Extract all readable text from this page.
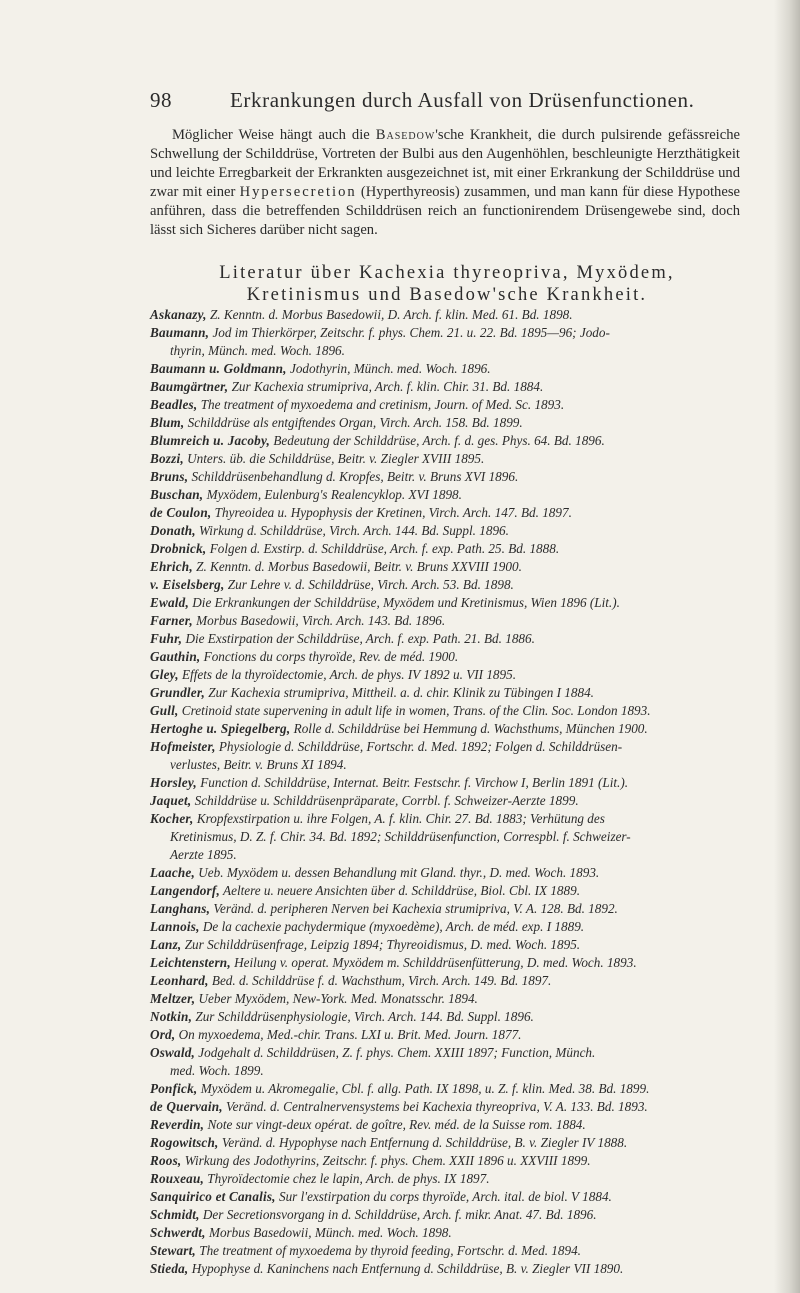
98	Erkrankungen durch Ausfall von Drüsenfunctionen.
Möglicher Weise hängt auch die Basedow'sche Krankheit, die durch pulsirende gefässreiche Schwellung der Schilddrüse, Vortreten der Bulbi aus den Augenhöhlen, beschleunigte Herzthätigkeit und leichte Erregbarkeit der Erkrankten ausgezeichnet ist, mit einer Erkrankung der Schilddrüse und zwar mit einer Hypersecretion (Hyperthyreosis) zusammen, und man kann für diese Hypothese anführen, dass die betreffenden Schilddrüsen reich an functionirendem Drüsengewebe sind, doch lässt sich Sicheres darüber nicht sagen.
Literatur über Kachexia thyreopriva, Myxödem,
Kretinismus und Basedow'sche Krankheit.

Askanazy, Z. Kenntn. d. Morbus Basedowii, D. Arch. f. klin. Med. 61. Bd. 1898.

Baumann, Jod im Thierkörper, Zeitschr. f. phys. Chem. 21. u. 22. Bd. 1895—96; Jodo-

thyrin, Münch. med. Woch. 1896.

Baumann u. Goldmann, Jodothyrin, Münch. med. Woch. 1896.

Baumgärtner, Zur Kachexia strumipriva, Arch. f. klin. Chir. 31. Bd. 1884.

Beadles, The treatment of myxoedema and cretinism, Journ. of Med. Sc. 1893.

Blum, Schilddrüse als entgiftendes Organ, Virch. Arch. 158. Bd. 1899.

Blumreich u. Jacoby, Bedeutung der Schilddrüse, Arch. f. d. ges. Phys. 64. Bd. 1896.

Bozzi, Unters. üb. die Schilddrüse, Beitr. v. Ziegler XVIII 1895.

Bruns, Schilddrüsenbehandlung d. Kropfes, Beitr. v. Bruns XVI 1896.

Buschan, Myxödem, Eulenburg's Realencyklop. XVI 1898.

de Coulon, Thyreoidea u. Hypophysis der Kretinen, Virch. Arch. 147. Bd. 1897.

Donath, Wirkung d. Schilddrüse, Virch. Arch. 144. Bd. Suppl. 1896.

Drobnick, Folgen d. Exstirp. d. Schilddrüse, Arch. f. exp. Path. 25. Bd. 1888.

Ehrich, Z. Kenntn. d. Morbus Basedowii, Beitr. v. Bruns XXVIII 1900.

v. Eiselsberg, Zur Lehre v. d. Schilddrüse, Virch. Arch. 53. Bd. 1898.

Ewald, Die Erkrankungen der Schilddrüse, Myxödem und Kretinismus, Wien 1896 (Lit.).

Farner, Morbus Basedowii, Virch. Arch. 143. Bd. 1896.

Fuhr, Die Exstirpation der Schilddrüse, Arch. f. exp. Path. 21. Bd. 1886.

Gauthin, Fonctions du corps thyroïde, Rev. de méd. 1900.

Gley, Effets de la thyroïdectomie, Arch. de phys. IV 1892 u. VII 1895.

Grundler, Zur Kachexia strumipriva, Mittheil. a. d. chir. Klinik zu Tübingen I 1884.

Gull, Cretinoid state supervening in adult life in women, Trans. of the Clin. Soc. London 1893.

Hertoghe u. Spiegelberg, Rolle d. Schilddrüse bei Hemmung d. Wachsthums, München 1900.

Hofmeister, Physiologie d. Schilddrüse, Fortschr. d. Med. 1892; Folgen d. Schilddrüsen-

verlustes, Beitr. v. Bruns XI 1894.

Horsley, Function d. Schilddrüse, Internat. Beitr. Festschr. f. Virchow I, Berlin 1891 (Lit.).

Jaquet, Schilddrüse u. Schilddrüsenpräparate, Corrbl. f. Schweizer-Aerzte 1899.

Kocher, Kropfexstirpation u. ihre Folgen, A. f. klin. Chir. 27. Bd. 1883; Verhütung des

Kretinismus, D. Z. f. Chir. 34. Bd. 1892; Schilddrüsenfunction, Correspbl. f. Schweizer-

Aerzte 1895.

Laache, Ueb. Myxödem u. dessen Behandlung mit Gland. thyr., D. med. Woch. 1893.

Langendorf, Aeltere u. neuere Ansichten über d. Schilddrüse, Biol. Cbl. IX 1889.

Langhans, Veränd. d. peripheren Nerven bei Kachexia strumipriva, V. A. 128. Bd. 1892.

Lannois, De la cachexie pachydermique (myxoedème), Arch. de méd. exp. I 1889.

Lanz, Zur Schilddrüsenfrage, Leipzig 1894; Thyreoidismus, D. med. Woch. 1895.

Leichtenstern, Heilung v. operat. Myxödem m. Schilddrüsenfütterung, D. med. Woch. 1893.

Leonhard, Bed. d. Schilddrüse f. d. Wachsthum, Virch. Arch. 149. Bd. 1897.

Meltzer, Ueber Myxödem, New-York. Med. Monatsschr. 1894.

Notkin, Zur Schilddrüsenphysiologie, Virch. Arch. 144. Bd. Suppl. 1896.

Ord, On myxoedema, Med.-chir. Trans. LXI u. Brit. Med. Journ. 1877.

Oswald, Jodgehalt d. Schilddrüsen, Z. f. phys. Chem. XXIII 1897; Function, Münch.

med. Woch. 1899.

Ponfick, Myxödem u. Akromegalie, Cbl. f. allg. Path. IX 1898, u. Z. f. klin. Med. 38. Bd. 1899.

de Quervain, Veränd. d. Centralnervensystems bei Kachexia thyreopriva, V. A. 133. Bd. 1893.

Reverdin, Note sur vingt-deux opérat. de goître, Rev. méd. de la Suisse rom. 1884.

Rogowitsch, Veränd. d. Hypophyse nach Entfernung d. Schilddrüse, B. v. Ziegler IV 1888.

Roos, Wirkung des Jodothyrins, Zeitschr. f. phys. Chem. XXII 1896 u. XXVIII 1899.

Rouxeau, Thyroïdectomie chez le lapin, Arch. de phys. IX 1897.

Sanquirico et Canalis, Sur l'exstirpation du corps thyroïde, Arch. ital. de biol. V 1884.

Schmidt, Der Secretionsvorgang in d. Schilddrüse, Arch. f. mikr. Anat. 47. Bd. 1896.

Schwerdt, Morbus Basedowii, Münch. med. Woch. 1898.

Stewart, The treatment of myxoedema by thyroid feeding, Fortschr. d. Med. 1894.

Stieda, Hypophyse d. Kaninchens nach Entfernung d. Schilddrüse, B. v. Ziegler VII 1890.
